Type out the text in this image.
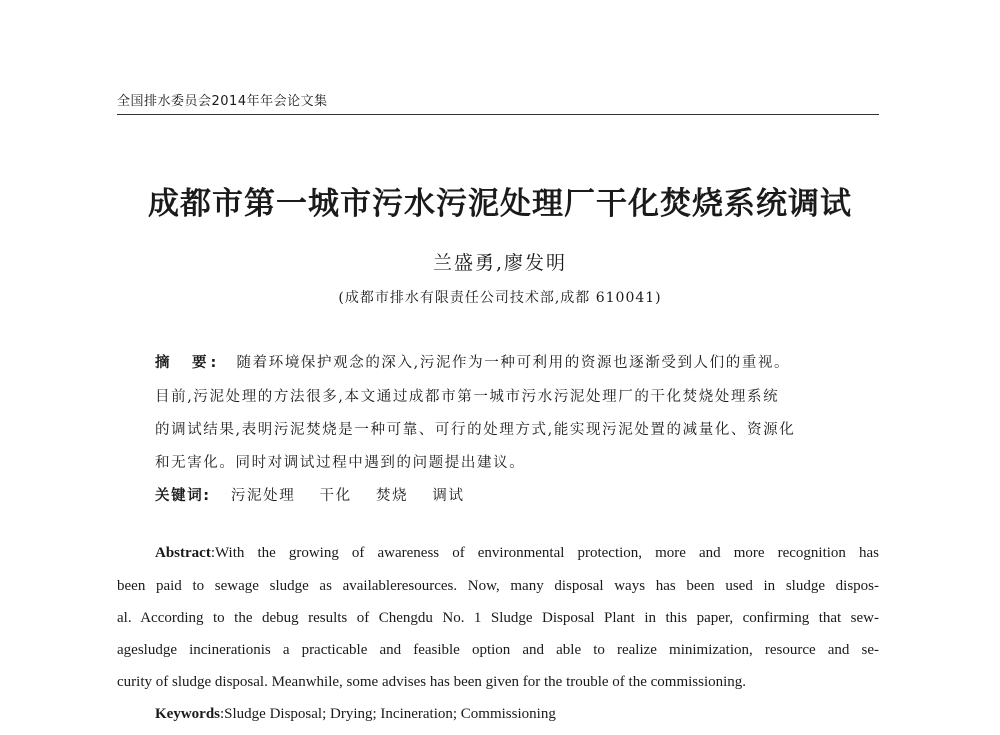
全国排水委员会2014年年会论文集
成都市第一城市污水污泥处理厂干化焚烧系统调试
兰盛勇,廖发明
(成都市排水有限责任公司技术部,成都 610041)
摘　要: 随着环境保护观念的深入,污泥作为一种可利用的资源也逐渐受到人们的重视。
目前,污泥处理的方法很多,本文通过成都市第一城市污水污泥处理厂的干化焚烧处理系统
的调试结果,表明污泥焚烧是一种可靠、可行的处理方式,能实现污泥处置的减量化、资源化
和无害化。同时对调试过程中遇到的问题提出建议。
关键词: 污泥处理 干化 焚烧 调试
Abstract:With the growing of awareness of environmental protection, more and more recognition has
been paid to sewage sludge as availableresources. Now, many disposal ways has been used in sludge dispos-
al. According to the debug results of Chengdu No. 1 Sludge Disposal Plant in this paper, confirming that sew-
agesludge incinerationis a practicable and feasible option and able to realize minimization, resource and se-
curity of sludge disposal. Meanwhile, some advises has been given for the trouble of the commissioning.
Keywords:Sludge Disposal; Drying; Incineration; Commissioning
